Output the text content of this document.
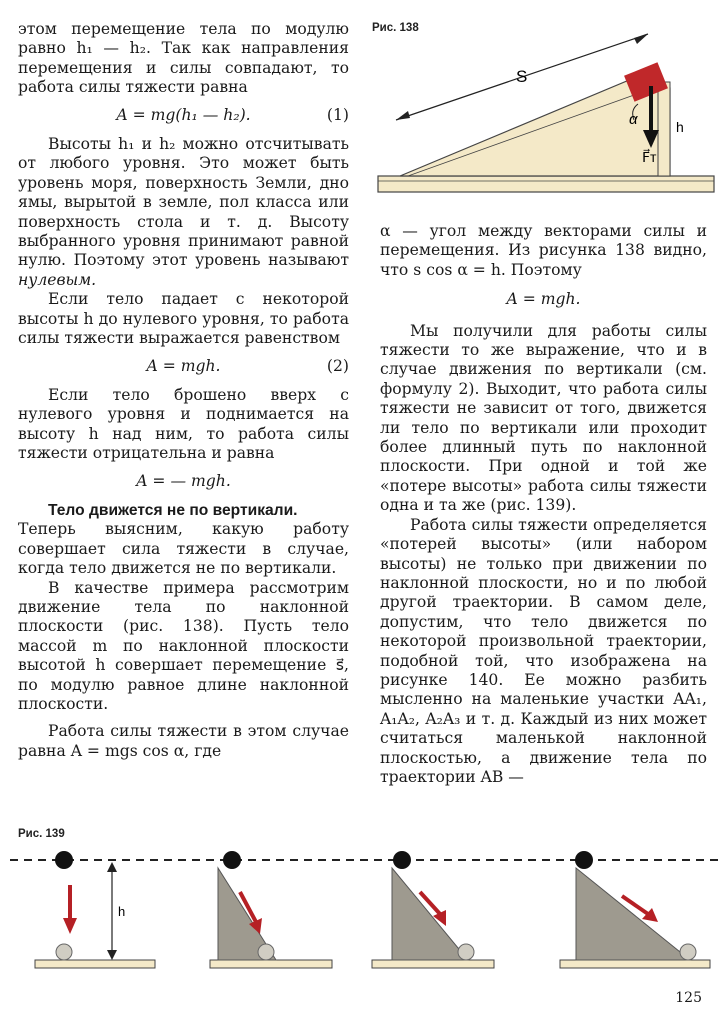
этом перемещение тела по модулю равно h₁ — h₂. Так как направления перемещения и силы совпадают, то работа силы тяжести равна

A = mg(h₁ — h₂).	(1)

Высоты h₁ и h₂ можно отсчитывать от любого уровня. Это может быть уровень моря, поверхность Земли, дно ямы, вырытой в земле, пол класса или поверхность стола и т. д. Высоту выбранного уровня принимают равной нулю. Поэтому этот уровень называют нулевым.

Если тело падает с некоторой высоты h до нулевого уровня, то работа силы тяжести выражается равенством

A = mgh.	(2)

Если тело брошено вверх с нулевого уровня и поднимается на высоту h над ним, то работа силы тяжести отрицательна и равна

A = — mgh.

Тело движется не по вертикали.

Теперь выясним, какую работу совершает сила тяжести в случае, когда тело движется не по вертикали.

В качестве примера рассмотрим движение тела по наклонной плоскости (рис. 138). Пусть тело массой m по наклонной плоскости высотой h совершает перемещение s⃗, по модулю равное длине наклонной плоскости.

Работа силы тяжести в этом случае равна A = mgs cos α, где

Рис. 138
S
α	h
F⃗т

α — угол между векторами силы и перемещения. Из рисунка 138 видно, что s cos α = h. Поэтому

A = mgh.

Мы получили для работы силы тяжести то же выражение, что и в случае движения по вертикали (см. формулу 2). Выходит, что работа силы тяжести не зависит от того, движется ли тело по вертикали или проходит более длинный путь по наклонной плоскости. При одной и той же «потере высоты» работа силы тяжести одна и та же (рис. 139).

Работа силы тяжести определяется «потерей высоты» (или набором высоты) не только при движении по наклонной плоскости, но и по любой другой траектории. В самом деле, допустим, что тело движется по некоторой произвольной траектории, подобной той, что изображена на рисунке 140. Ее можно разбить мысленно на маленькие участки AA₁, A₁A₂, A₂A₃ и т. д. Каждый из них может считаться маленькой наклонной плоскостью, а движение тела по траектории AB —

Рис. 139
h
125
